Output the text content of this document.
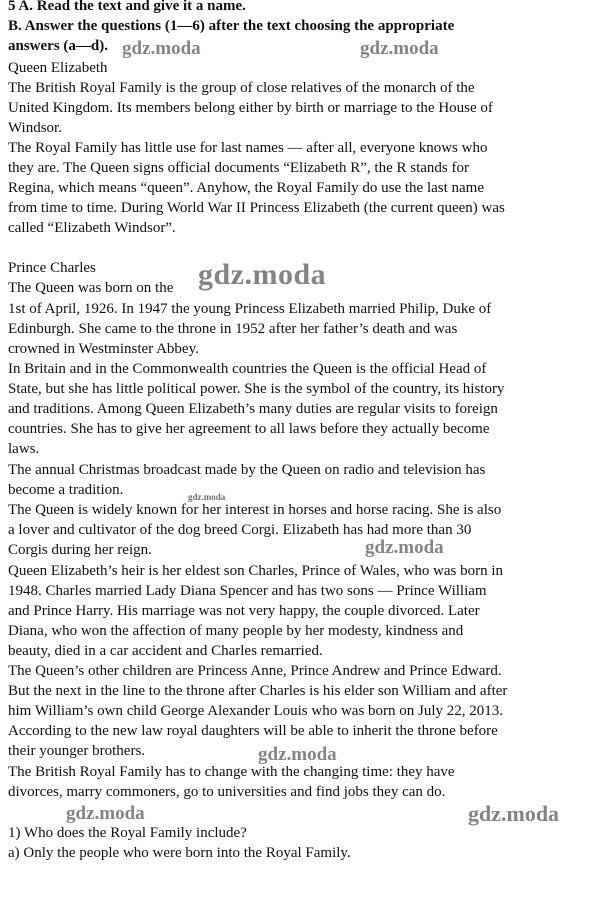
5 A. Read the text and give it a name.
B. Answer the questions (1—6) after the text choosing the appropriate
answers (a—d).
Queen Elizabeth
The British Royal Family is the group of close relatives of the monarch of the
United Kingdom. Its members belong either by birth or marriage to the House of
Windsor.
The Royal Family has little use for last names — after all, everyone knows who
they are. The Queen signs official documents “Elizabeth R”, the R stands for
Regina, which means “queen”. Anyhow, the Royal Family do use the last name
from time to time. During World War II Princess Elizabeth (the current queen) was
called “Elizabeth Windsor”.
Prince Charles
The Queen was born on the
1st of April, 1926. In 1947 the young Princess Elizabeth married Philip, Duke of
Edinburgh. She came to the throne in 1952 after her father’s death and was
crowned in Westminster Abbey.
In Britain and in the Commonwealth countries the Queen is the official Head of
State, but she has little political power. She is the symbol of the country, its history
and traditions. Among Queen Elizabeth’s many duties are regular visits to foreign
countries. She has to give her agreement to all laws before they actually become
laws.
The annual Christmas broadcast made by the Queen on radio and television has
become a tradition.
The Queen is widely known for her interest in horses and horse racing. She is also
a lover and cultivator of the dog breed Corgi. Elizabeth has had more than 30
Corgis during her reign.
Queen Elizabeth’s heir is her eldest son Charles, Prince of Wales, who was born in
1948. Charles married Lady Diana Spencer and has two sons — Prince William
and Prince Harry. His marriage was not very happy, the couple divorced. Later
Diana, who won the affection of many people by her modesty, kindness and
beauty, died in a car accident and Charles remarried.
The Queen’s other children are Princess Anne, Prince Andrew and Prince Edward.
But the next in the line to the throne after Charles is his elder son William and after
him William’s own child George Alexander Louis who was born on July 22, 2013.
According to the new law royal daughters will be able to inherit the throne before
their younger brothers.
The British Royal Family has to change with the changing time: they have
divorces, marry commoners, go to universities and find jobs they can do.
1) Who does the Royal Family include?
a) Only the people who were born into the Royal Family.
gdz.moda	gdz.moda
gdz.moda
gdz.moda
gdz.moda
gdz.moda
gdz.moda	gdz.moda
